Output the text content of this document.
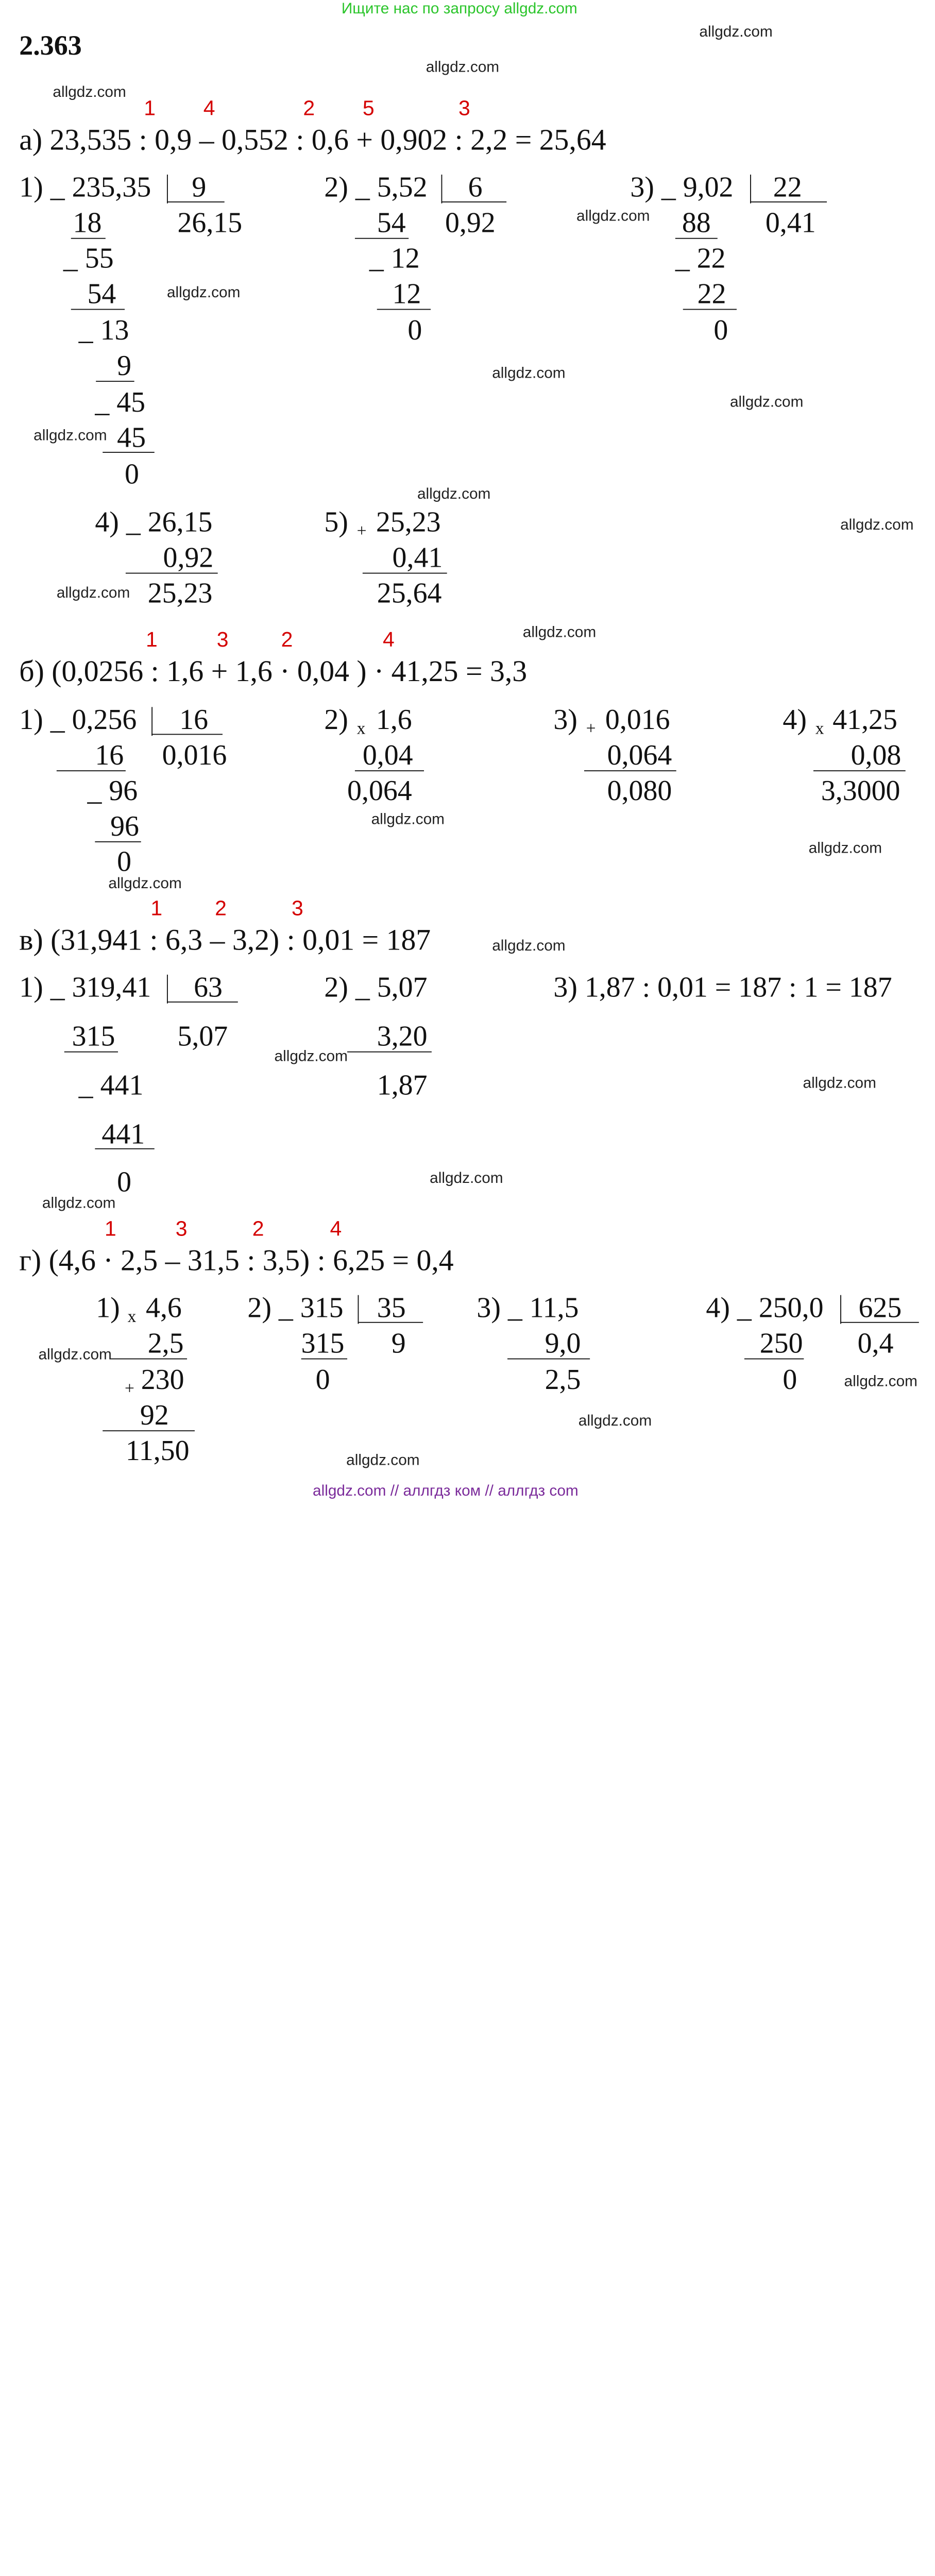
Ищите нас по запросу allgdz.com
2.363	allgdz.com
allgdz.com
allgdz.com
allgdz.com
allgdz.com
allgdz.com
allgdz.com
allgdz.com
allgdz.com
allgdz.com
allgdz.com
allgdz.com
allgdz.com
allgdz.com
allgdz.com
allgdz.com
allgdz.com
allgdz.com
allgdz.com
allgdz.com
allgdz.com
allgdz.com
allgdz.com
allgdz.com
1	4	2	5	3
а) 23,535 : 0,9 – 0,552 : 0,6 + 0,902 : 2,2 = 25,64
1) _ 235,35	9
26,15
18
_ 55
54
_ 13
9
_ 45
45
0
2) _ 5,52	6
0,92
54
_ 12
12
0
3) _ 9,02	22
0,41
88
_ 22
22
0
4) _ 26,15
0,92
25,23
5) + 25,23
0,41
25,64
1	3	2	4
б) (0,0256 : 1,6 + 1,6 · 0,04 ) · 41,25 = 3,3
1) _ 0,256	16
0,016
16
_ 96
96
0
2) x 1,6
0,04
0,064
3) + 0,016
0,064
0,080
4) x 41,25
0,08
3,3000
1	2	3
в) (31,941 : 6,3 – 3,2) : 0,01 = 187
1) _ 319,41	63
5,07
315
_ 441
441
0
2) _ 5,07
3,20
1,87
3) 1,87 : 0,01 = 187 : 1 = 187
1	3	2	4
г) (4,6 · 2,5 – 31,5 : 3,5) : 6,25 = 0,4
1) x 4,6
2,5
+ 230
92
11,50
2) _ 315 35
9
315
0
3) _ 11,5
9,0
2,5
4) _ 250,0 625
0,4
250
0
allgdz.com // аллгдз ком // аллгдз com
